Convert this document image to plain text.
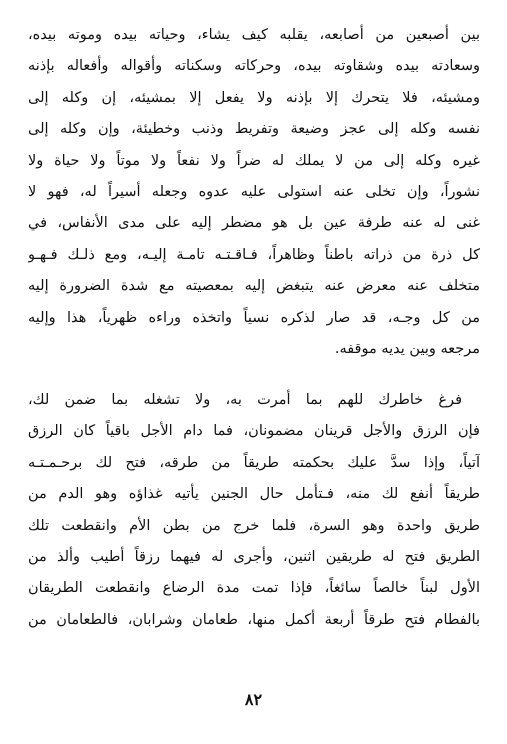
بين أصبعين من أصابعه، يقلبه كيف يشاء، وحياته بيده وموته بيده،
وسعادته بيده وشقاوته بيده، وحركاته وسكناته وأقواله وأفعاله بإذنه
ومشيئه، فلا يتحرك إلا بإذنه ولا يفعل إلا بمشيئه، إن وكله إلى
نفسه وكله إلى عجز وضيعة وتفريط وذنب وخطيئة، وإن وكله إلى
غيره وكله إلى من لا يملك له ضراً ولا نفعاً ولا موتاً ولا حياة ولا
نشوراً، وإن تخلى عنه استولى عليه عدوه وجعله أسيراً له، فهو لا
غنى له عنه طرفة عين بل هو مضطر إليه على مدى الأنفاس، في
كل ذرة من ذراته باطناً وظاهراً، فـاقـتـه تامـة إليـه، ومع ذلـك فـهـو
متخلف عنه معرض عنه يتبغض إليه بمعصيته مع شدة الضرورة إليه
من كل وجـه، قد صار لذكره نسياً واتخذه وراءه ظهرياً، هذا وإليه
مرجعه وبين يديه موقفه.
فرغ خاطرك للهم بما أمرت به، ولا تشغله بما ضمن لك،
فإن الرزق والأجل قرينان مضمونان، فما دام الأجل باقياً كان الرزق
آتياً، وإذا سدَّ عليك بحكمته طريقاً من طرقه، فتح لك برحـمـتـه
طريقاً أنفع لك منه، فـتأمل حال الجنين يأتيه غذاؤه وهو الدم من
طريق واحدة وهو السرة، فلما خرج من بطن الأم وانقطعت تلك
الطريق فتح له طريقين اثنين، وأجرى له فيهما رزقاً أطيب وألذ من
الأول لبناً خالصاً سائغاً، فإذا تمت مدة الرضاع وانقطعت الطريقان
بالفطام فتح طرقاً أربعة أكمل منها، طعامان وشرابان، فالطعامان من
٨٢
